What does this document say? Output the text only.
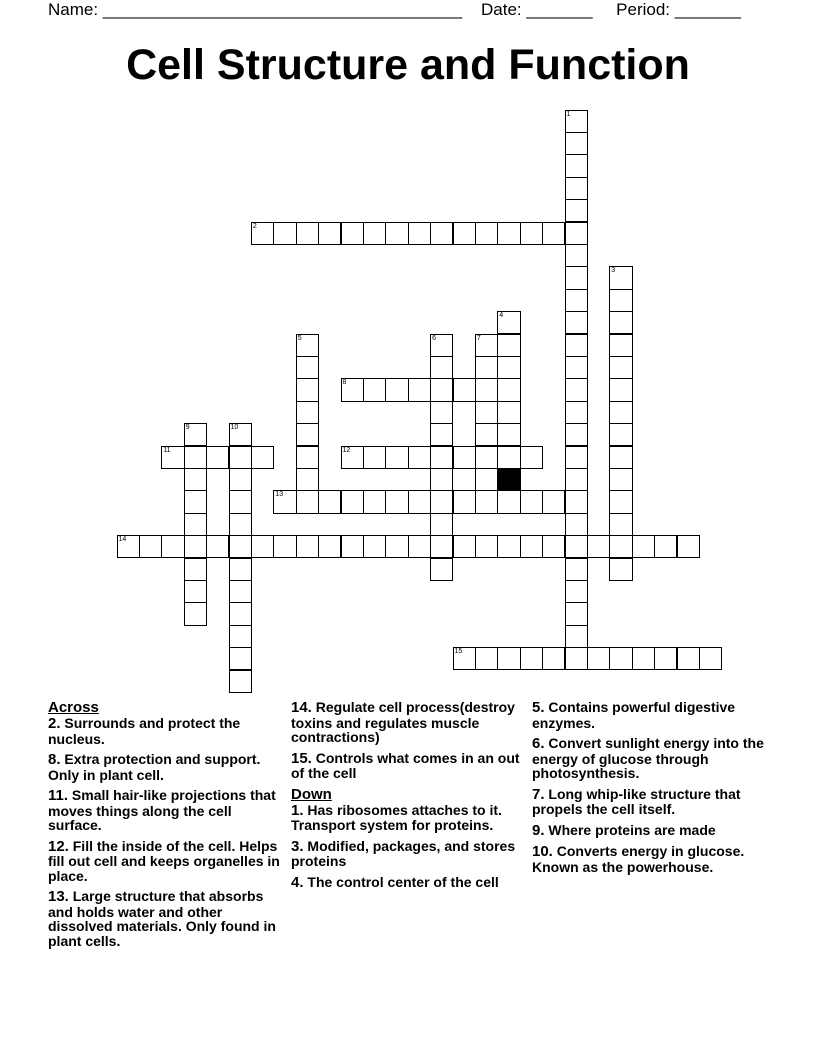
Name: ______________________________________ Date: _______ Period: _______
Cell Structure and Function
1
2
3
4
5	6	7
8
9	10
11	12
13
14
15
Across
2. Surrounds and protect the nucleus.
8. Extra protection and support. Only in plant cell.
11. Small hair-like projections that moves things along the cell surface.
12. Fill the inside of the cell. Helps fill out cell and keeps organelles in place.
13. Large structure that absorbs and holds water and other dissolved materials. Only found in plant cells.
14. Regulate cell process(destroy toxins and regulates muscle contractions)
15. Controls what comes in an out of the cell
Down
1. Has ribosomes attaches to it. Transport system for proteins.
3. Modified, packages, and stores proteins
4. The control center of the cell
5. Contains powerful digestive enzymes.
6. Convert sunlight energy into the energy of glucose through photosynthesis.
7. Long whip-like structure that propels the cell itself.
9. Where proteins are made
10. Converts energy in glucose. Known as the powerhouse.
